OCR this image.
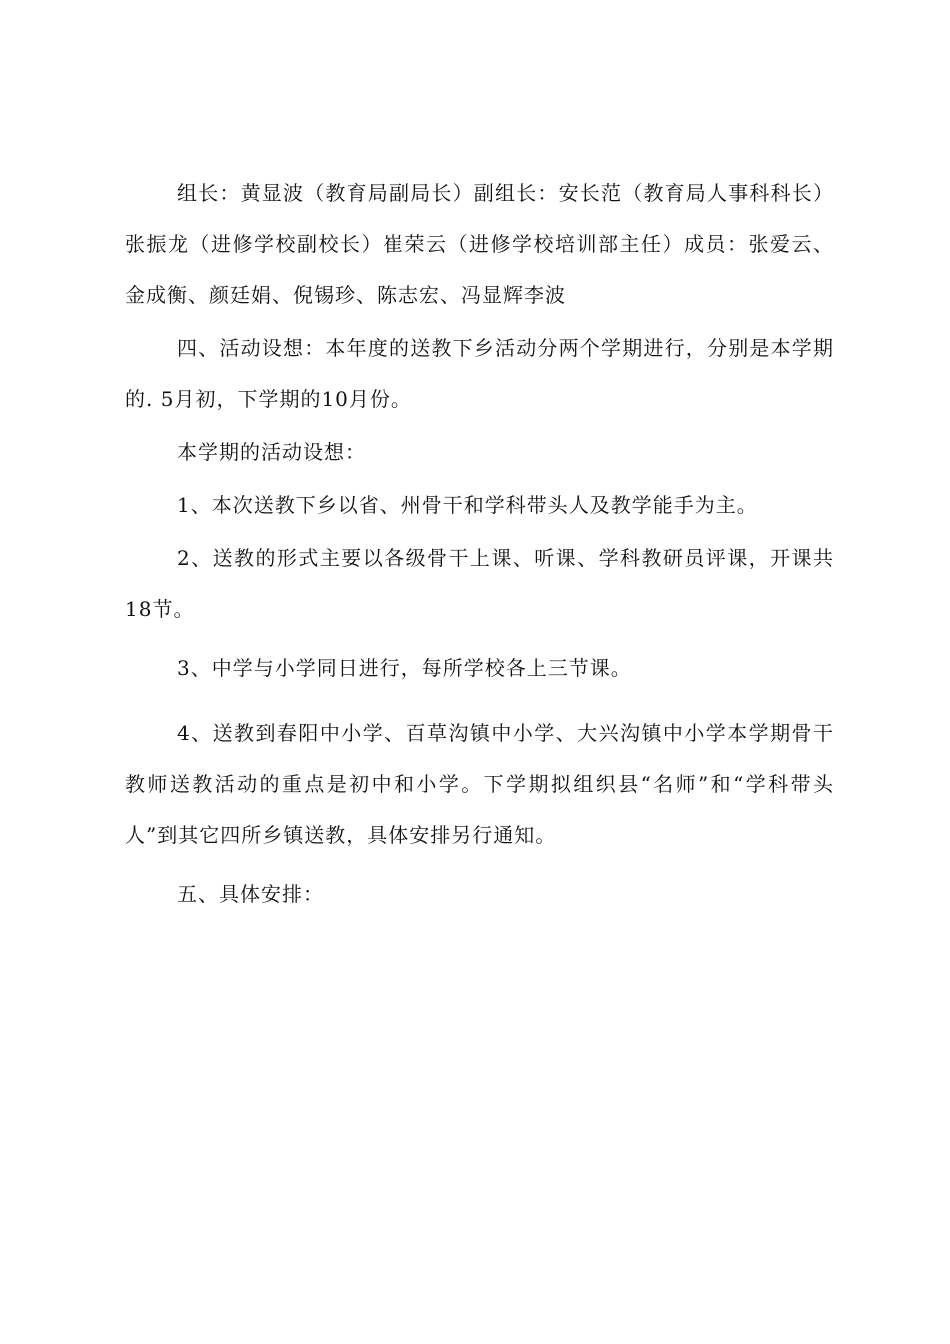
组长：黄显波（教育局副局长）副组长：安长范（教育局人事科科长）张振龙（进修学校副校长）崔荣云（进修学校培训部主任）成员：张爱云、金成衡、颜廷娟、倪锡珍、陈志宏、冯显辉李波

四、活动设想：本年度的送教下乡活动分两个学期进行，分别是本学期的. 5月初，下学期的10月份。

本学期的活动设想：

1、本次送教下乡以省、州骨干和学科带头人及教学能手为主。

2、送教的形式主要以各级骨干上课、听课、学科教研员评课，开课共18节。

3、中学与小学同日进行，每所学校各上三节课。

4、送教到春阳中小学、百草沟镇中小学、大兴沟镇中小学本学期骨干教师送教活动的重点是初中和小学。下学期拟组织县“名师”和“学科带头人”到其它四所乡镇送教，具体安排另行通知。

五、具体安排：
